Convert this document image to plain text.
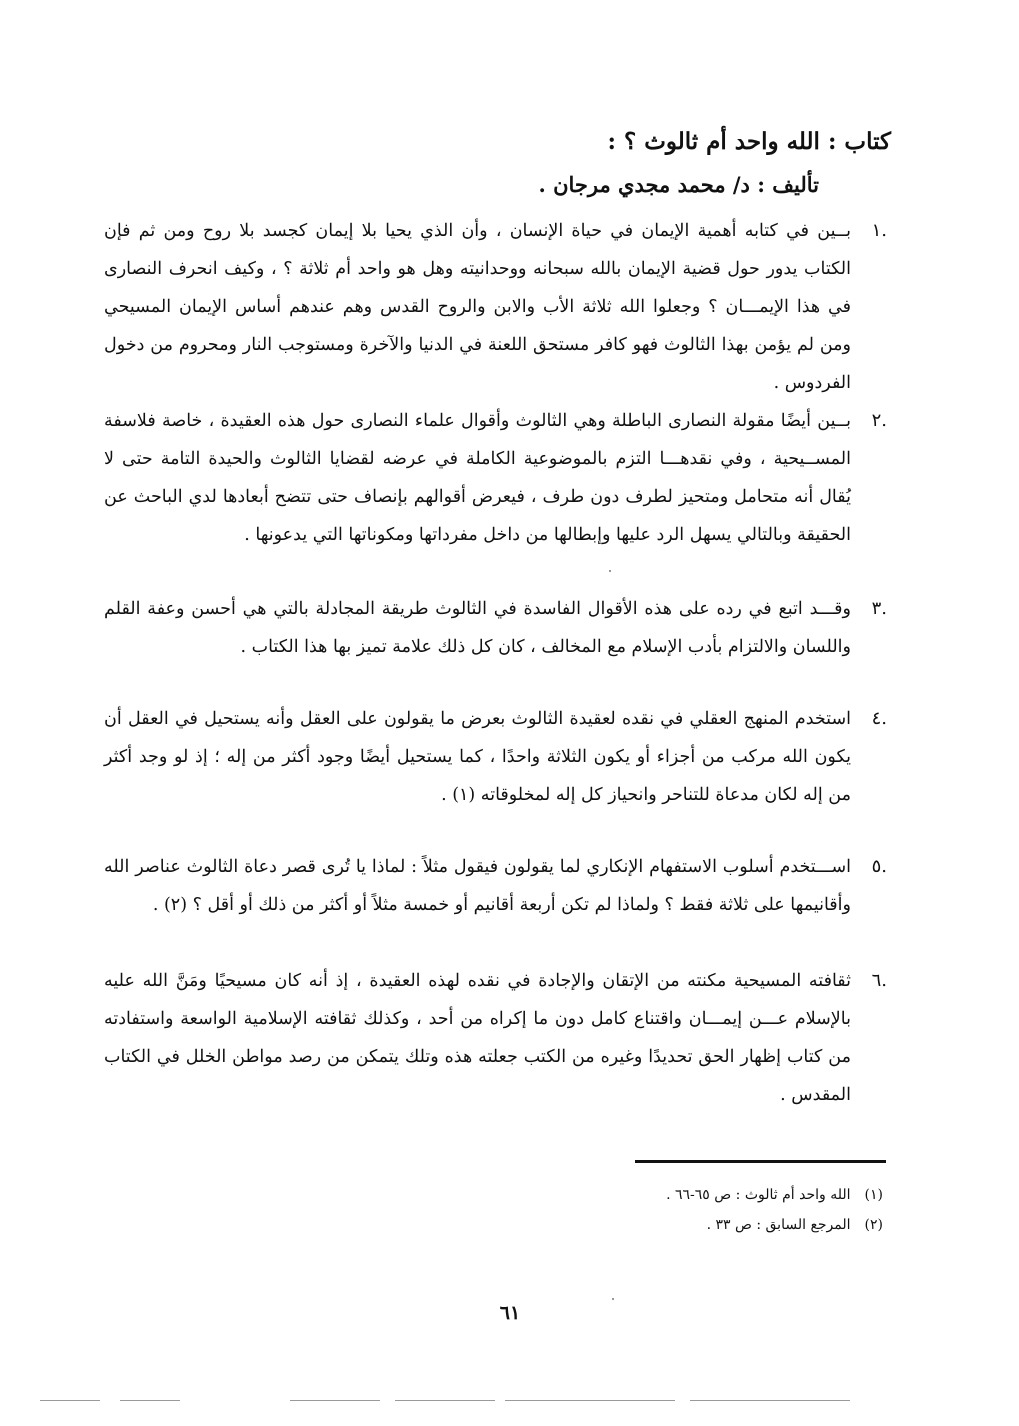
كتاب : الله واحد أم ثالوث ؟ :
تأليف : د/ محمد مجدي مرجان .
.١
بــين في كتابه أهمية الإيمان في حياة الإنسان ، وأن الذي يحيا بلا إيمان كجسد بلا روح ومن ثم فإن الكتاب يدور حول قضية الإيمان بالله سبحانه ووحدانيته وهل هو واحد أم ثلاثة ؟ ، وكيف انحرف النصارى في هذا الإيمـــان ؟ وجعلوا الله ثلاثة الأب والابن والروح القدس وهم عندهم أساس الإيمان المسيحي ومن لم يؤمن بهذا الثالوث فهو كافر مستحق اللعنة في الدنيا والآخرة ومستوجب النار ومحروم من دخول الفردوس .
.٢
بــين أيضًا مقولة النصارى الباطلة وهي الثالوث وأقوال علماء النصارى حول هذه العقيدة ، خاصة فلاسفة المســيحية ، وفي نقدهـــا التزم بالموضوعية الكاملة في عرضه لقضايا الثالوث والحيدة التامة حتى لا يُقال أنه متحامل ومتحيز لطرف دون طرف ، فيعرض أقوالهم بإنصاف حتى تتضح أبعادها لدي الباحث عن الحقيقة وبالتالي يسهل الرد عليها وإبطالها من داخل مفرداتها ومكوناتها التي يدعونها .
.٣
وقـــد اتبع في رده على هذه الأقوال الفاسدة في الثالوث طريقة المجادلة بالتي هي أحسن وعفة القلم واللسان والالتزام بأدب الإسلام مع المخالف ، كان كل ذلك علامة تميز بها هذا الكتاب .
.٤
استخدم المنهج العقلي في نقده لعقيدة الثالوث بعرض ما يقولون على العقل وأنه يستحيل في العقل أن يكون الله مركب من أجزاء أو يكون الثلاثة واحدًا ، كما يستحيل أيضًا وجود أكثر من إله ؛ إذ لو وجد أكثر من إله لكان مدعاة للتناحر وانحياز كل إله لمخلوقاته (١) .
.٥
اســـتخدم أسلوب الاستفهام الإنكاري لما يقولون فيقول مثلاً : لماذا يا تُرى قصر دعاة الثالوث عناصر الله وأقانيمها على ثلاثة فقط ؟ ولماذا لم تكن أربعة أقانيم أو خمسة مثلاً أو أكثر من ذلك أو أقل ؟ (٢) .
.٦
ثقافته المسيحية مكنته من الإتقان والإجادة في نقده لهذه العقيدة ، إذ أنه كان مسيحيًا ومَنَّ الله عليه بالإسلام عـــن إيمـــان واقتناع كامل دون ما إكراه من أحد ، وكذلك ثقافته الإسلامية الواسعة واستفادته من كتاب إظهار الحق تحديدًا وغيره من الكتب جعلته هذه وتلك يتمكن من رصد مواطن الخلل في الكتاب المقدس .
(١)الله واحد أم ثالوث : ص ٦٥-٦٦ .
(٢)المرجع السابق : ص ٣٣ .
٦١
